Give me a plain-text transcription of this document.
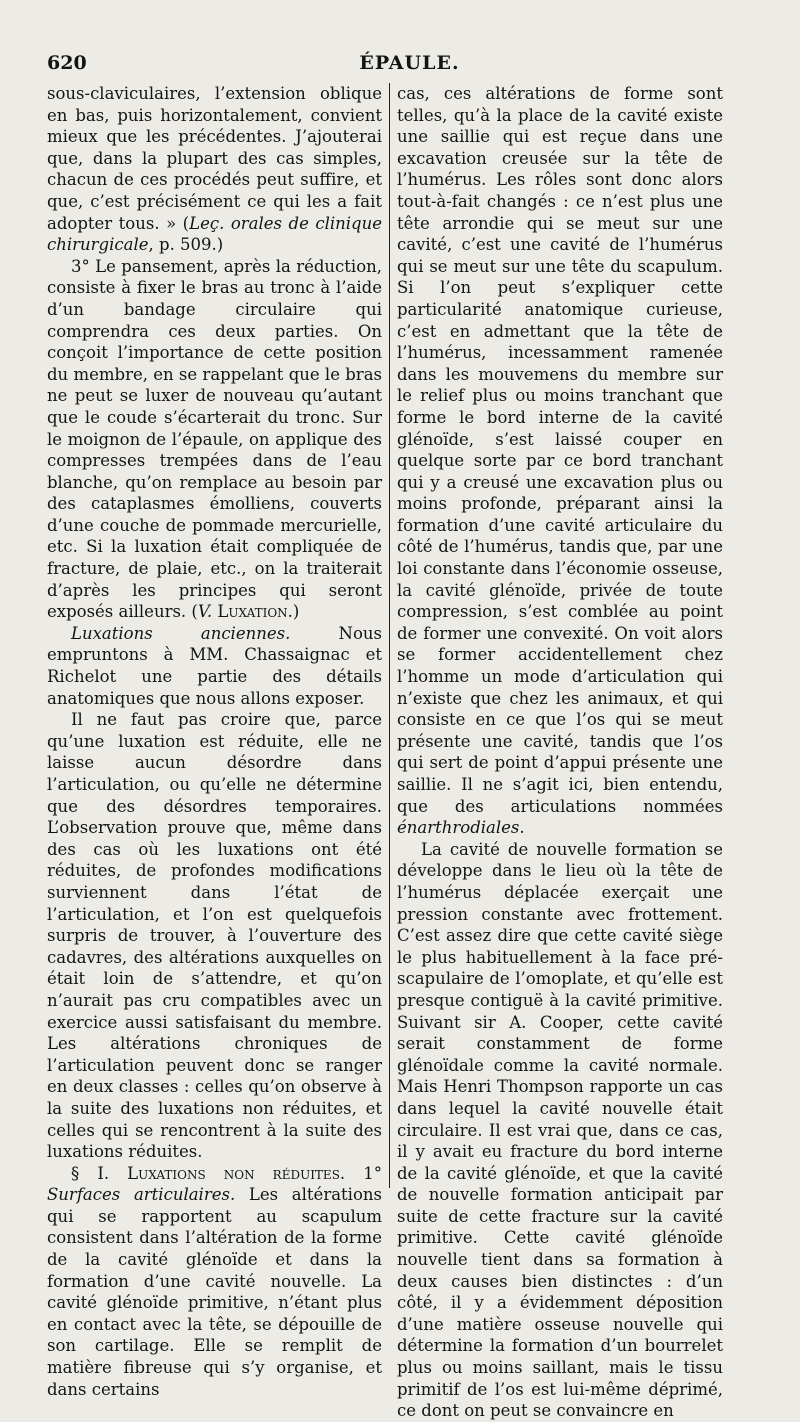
620	ÉPAULE.

sous-claviculaires, l’extension oblique en bas, puis horizontalement, convient mieux que les précédentes. J’ajouterai que, dans la plupart des cas simples, chacun de ces procédés peut suffire, et que, c’est précisément ce qui les a fait adopter tous. » (Leç. orales de clinique chirurgicale, p. 509.)

3° Le pansement, après la réduction, consiste à fixer le bras au tronc à l’aide d’un bandage circulaire qui comprendra ces deux parties. On conçoit l’importance de cette position du membre, en se rappelant que le bras ne peut se luxer de nouveau qu’autant que le coude s’écarterait du tronc. Sur le moignon de l’épaule, on applique des compresses trempées dans de l’eau blanche, qu’on remplace au besoin par des cataplasmes émolliens, couverts d’une couche de pommade mercurielle, etc. Si la luxation était compliquée de fracture, de plaie, etc., on la traiterait d’après les principes qui seront exposés ailleurs. (V. Luxation.)

Luxations anciennes. Nous empruntons à MM. Chassaignac et Richelot une partie des détails anatomiques que nous allons exposer.

Il ne faut pas croire que, parce qu’une luxation est réduite, elle ne laisse aucun désordre dans l’articulation, ou qu’elle ne détermine que des désordres temporaires. L’observation prouve que, même dans des cas où les luxations ont été réduites, de profondes modifications surviennent dans l’état de l’articulation, et l’on est quelquefois surpris de trouver, à l’ouverture des cadavres, des altérations auxquelles on était loin de s’attendre, et qu’on n’aurait pas cru compatibles avec un exercice aussi satisfaisant du membre. Les altérations chroniques de l’articulation peuvent donc se ranger en deux classes : celles qu’on observe à la suite des luxations non réduites, et celles qui se rencontrent à la suite des luxations réduites.

§ I. Luxations non réduites. 1° Surfaces articulaires. Les altérations qui se rapportent au scapulum consistent dans l’altération de la forme de la cavité glénoïde et dans la formation d’une cavité nouvelle. La cavité glénoïde primitive, n’étant plus en contact avec la tête, se dépouille de son cartilage. Elle se remplit de matière fibreuse qui s’y organise, et dans certains

cas, ces altérations de forme sont telles, qu’à la place de la cavité existe une saillie qui est reçue dans une excavation creusée sur la tête de l’humérus. Les rôles sont donc alors tout-à-fait changés : ce n’est plus une tête arrondie qui se meut sur une cavité, c’est une cavité de l’humérus qui se meut sur une tête du scapulum. Si l’on peut s’expliquer cette particularité anatomique curieuse, c’est en admettant que la tête de l’humérus, incessamment ramenée dans les mouvemens du membre sur le relief plus ou moins tranchant que forme le bord interne de la cavité glénoïde, s’est laissé couper en quelque sorte par ce bord tranchant qui y a creusé une excavation plus ou moins profonde, préparant ainsi la formation d’une cavité articulaire du côté de l’humérus, tandis que, par une loi constante dans l’économie osseuse, la cavité glénoïde, privée de toute compression, s’est comblée au point de former une convexité. On voit alors se former accidentellement chez l’homme un mode d’articulation qui n’existe que chez les animaux, et qui consiste en ce que l’os qui se meut présente une cavité, tandis que l’os qui sert de point d’appui présente une saillie. Il ne s’agit ici, bien entendu, que des articulations nommées énarthrodiales.

La cavité de nouvelle formation se développe dans le lieu où la tête de l’humérus déplacée exerçait une pression constante avec frottement. C’est assez dire que cette cavité siège le plus habituellement à la face pré-scapulaire de l’omoplate, et qu’elle est presque contiguë à la cavité primitive. Suivant sir A. Cooper, cette cavité serait constamment de forme glénoïdale comme la cavité normale. Mais Henri Thompson rapporte un cas dans lequel la cavité nouvelle était circulaire. Il est vrai que, dans ce cas, il y avait eu fracture du bord interne de la cavité glénoïde, et que la cavité de nouvelle formation anticipait par suite de cette fracture sur la cavité primitive. Cette cavité glénoïde nouvelle tient dans sa formation à deux causes bien distinctes : d’un côté, il y a évidemment déposition d’une matière osseuse nouvelle qui détermine la formation d’un bourrelet plus ou moins saillant, mais le tissu primitif de l’os est lui-même déprimé, ce dont on peut se convaincre en
